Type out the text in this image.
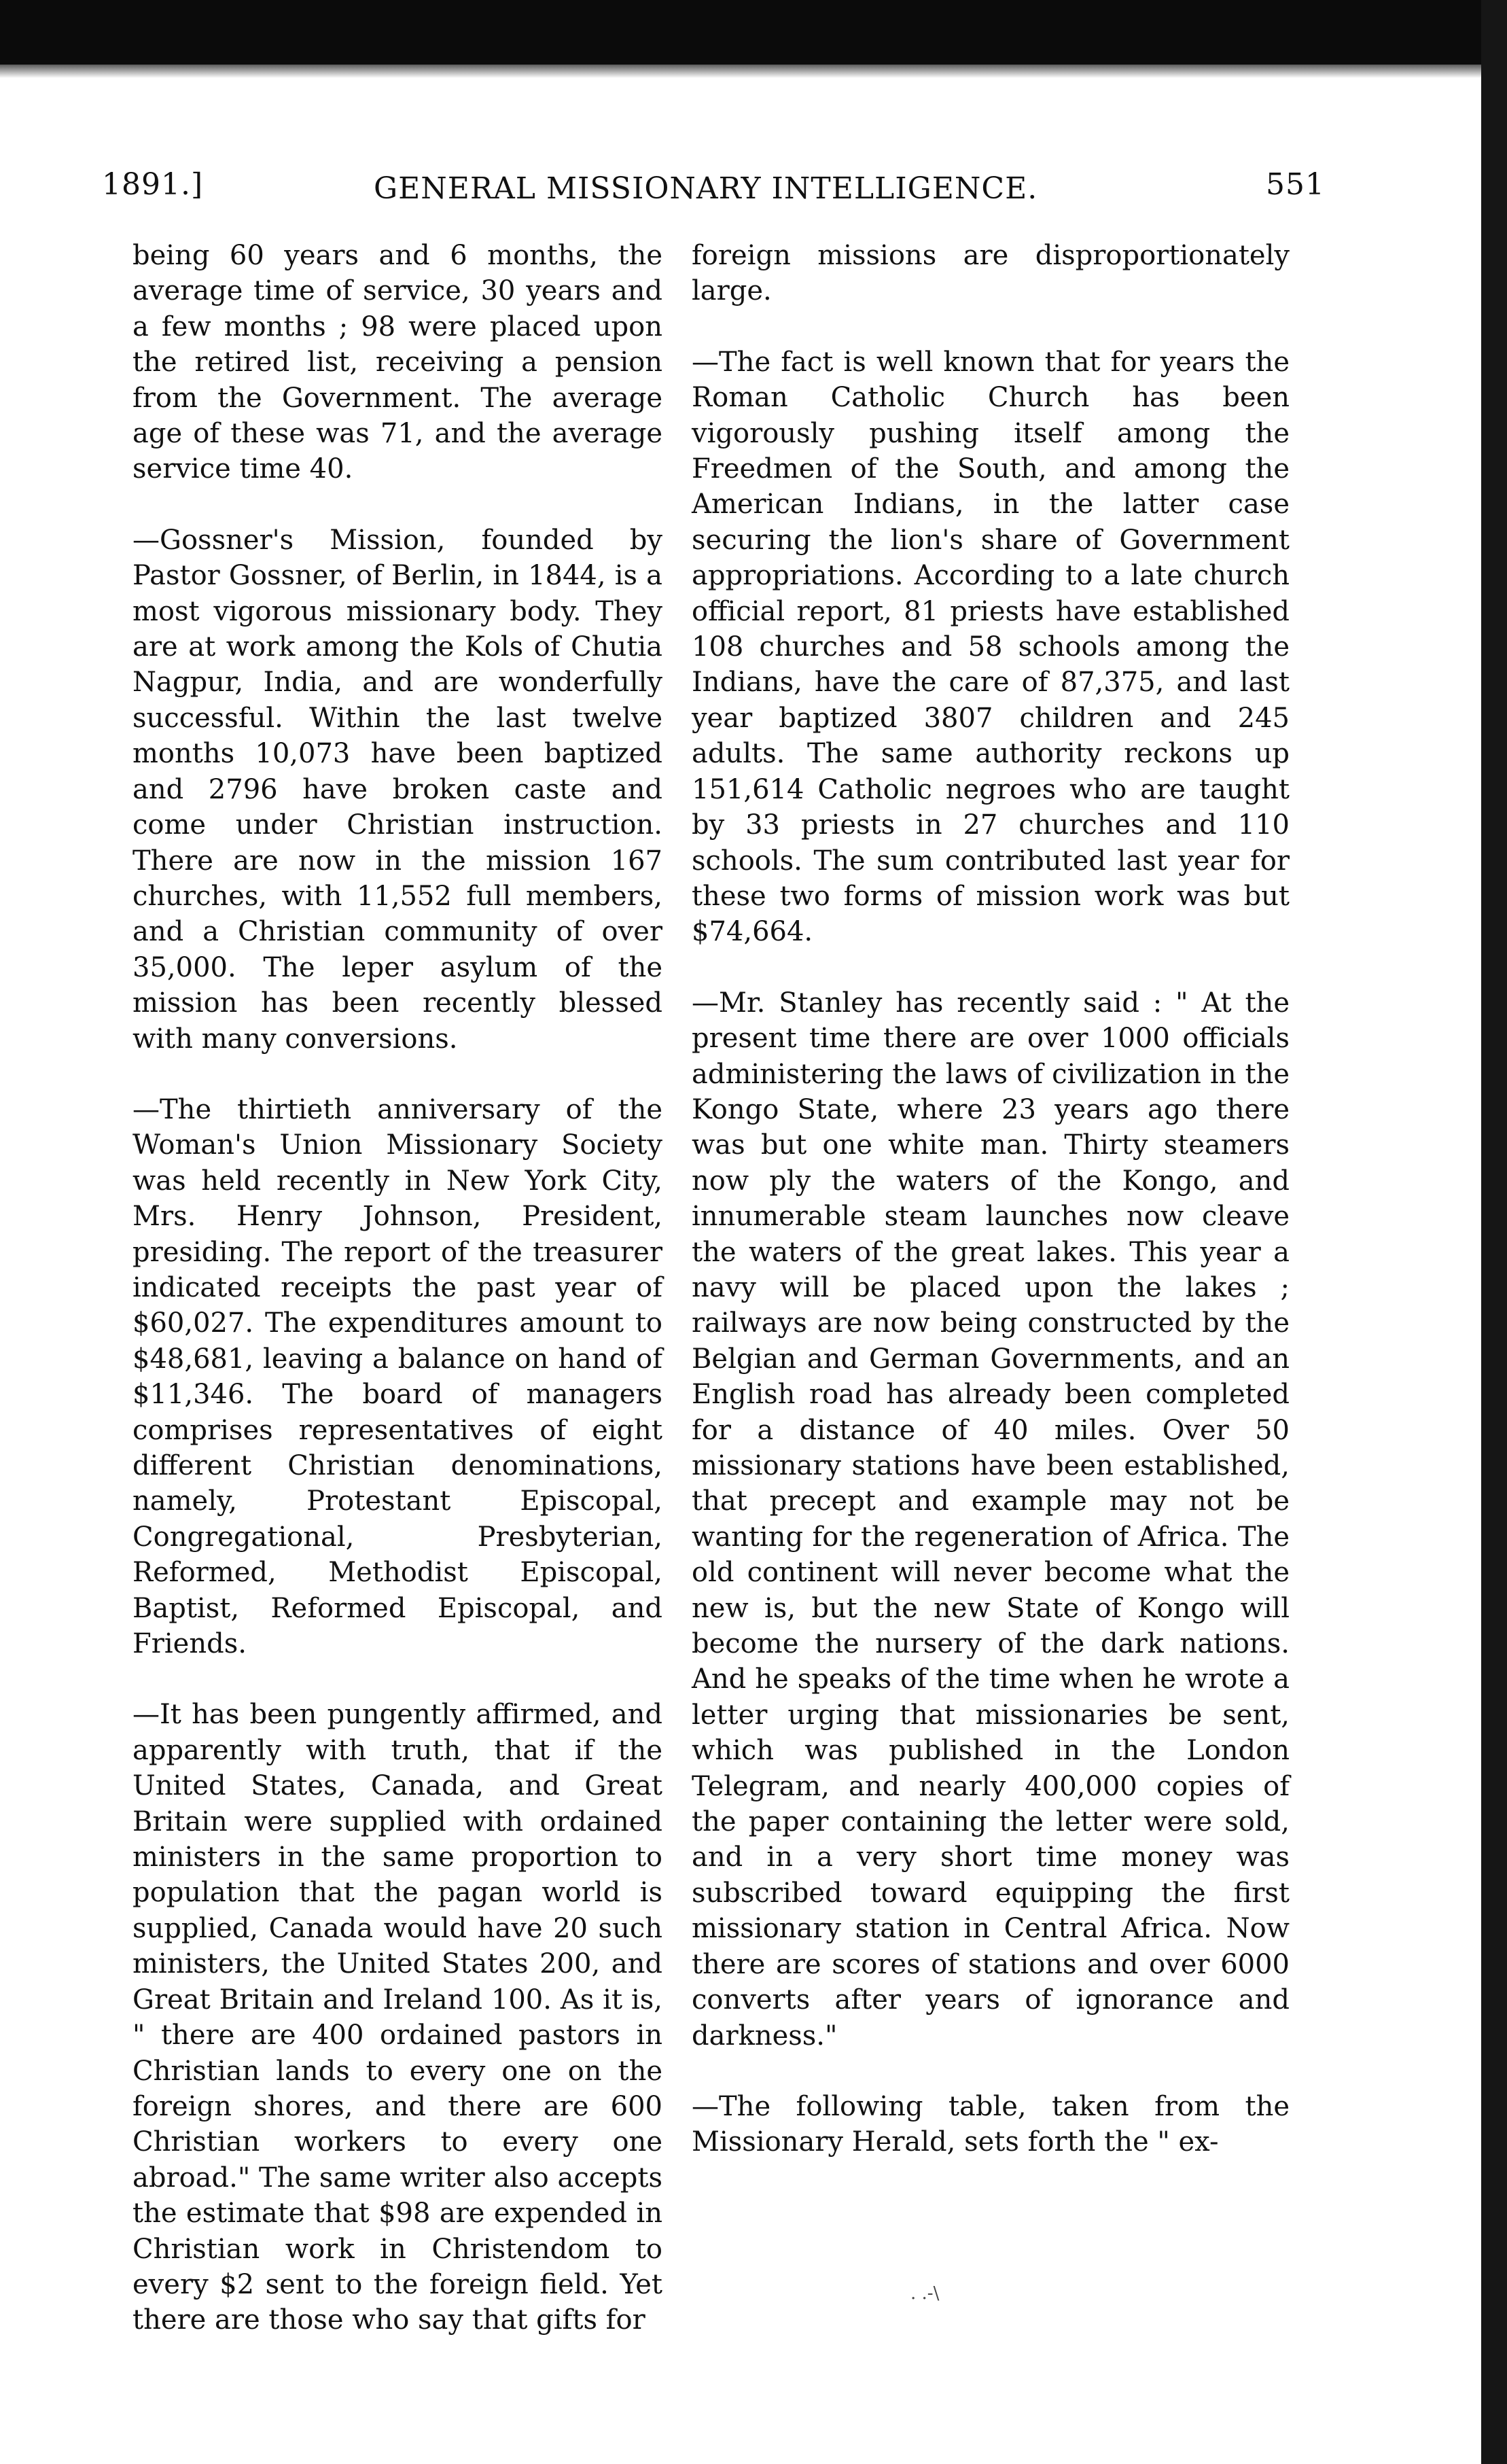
1891.]	GENERAL MISSIONARY INTELLIGENCE.	551

being 60 years and 6 months, the average time of service, 30 years and a few months ; 98 were placed upon the retired list, receiving a pension from the Government. The average age of these was 71, and the average service time 40.

—Gossner's Mission, founded by Pastor Gossner, of Berlin, in 1844, is a most vigorous missionary body. They are at work among the Kols of Chutia Nagpur, India, and are wonderfully successful. Within the last twelve months 10,073 have been baptized and 2796 have broken caste and come under Christian instruction. There are now in the mission 167 churches, with 11,552 full members, and a Christian community of over 35,000. The leper asylum of the mission has been recently blessed with many conversions.

—The thirtieth anniversary of the Woman's Union Missionary Society was held recently in New York City, Mrs. Henry Johnson, President, presiding. The report of the treasurer indicated receipts the past year of $60,027. The expenditures amount to $48,681, leaving a balance on hand of $11,346. The board of managers comprises representatives of eight different Christian denominations, namely, Protestant Episcopal, Congregational, Presbyterian, Reformed, Methodist Episcopal, Baptist, Reformed Episcopal, and Friends.

—It has been pungently affirmed, and apparently with truth, that if the United States, Canada, and Great Britain were supplied with ordained ministers in the same proportion to population that the pagan world is supplied, Canada would have 20 such ministers, the United States 200, and Great Britain and Ireland 100. As it is, " there are 400 ordained pastors in Christian lands to every one on the foreign shores, and there are 600 Christian workers to every one abroad." The same writer also accepts the estimate that $98 are expended in Christian work in Christendom to every $2 sent to the foreign field. Yet there are those who say that gifts for

foreign missions are disproportionately large.

—The fact is well known that for years the Roman Catholic Church has been vigorously pushing itself among the Freedmen of the South, and among the American Indians, in the latter case securing the lion's share of Government appropriations. According to a late church official report, 81 priests have established 108 churches and 58 schools among the Indians, have the care of 87,375, and last year baptized 3807 children and 245 adults. The same authority reckons up 151,614 Catholic negroes who are taught by 33 priests in 27 churches and 110 schools. The sum contributed last year for these two forms of mission work was but $74,664.

—Mr. Stanley has recently said : " At the present time there are over 1000 officials administering the laws of civilization in the Kongo State, where 23 years ago there was but one white man. Thirty steamers now ply the waters of the Kongo, and innumerable steam launches now cleave the waters of the great lakes. This year a navy will be placed upon the lakes ; railways are now being constructed by the Belgian and German Governments, and an English road has already been completed for a distance of 40 miles. Over 50 missionary stations have been established, that precept and example may not be wanting for the regeneration of Africa. The old continent will never become what the new is, but the new State of Kongo will become the nursery of the dark nations. And he speaks of the time when he wrote a letter urging that missionaries be sent, which was published in the London Telegram, and nearly 400,000 copies of the paper containing the letter were sold, and in a very short time money was subscribed toward equipping the first missionary station in Central Africa. Now there are scores of stations and over 6000 converts after years of ignorance and darkness."

—The following table, taken from the Missionary Herald, sets forth the " ex-

. .-\
